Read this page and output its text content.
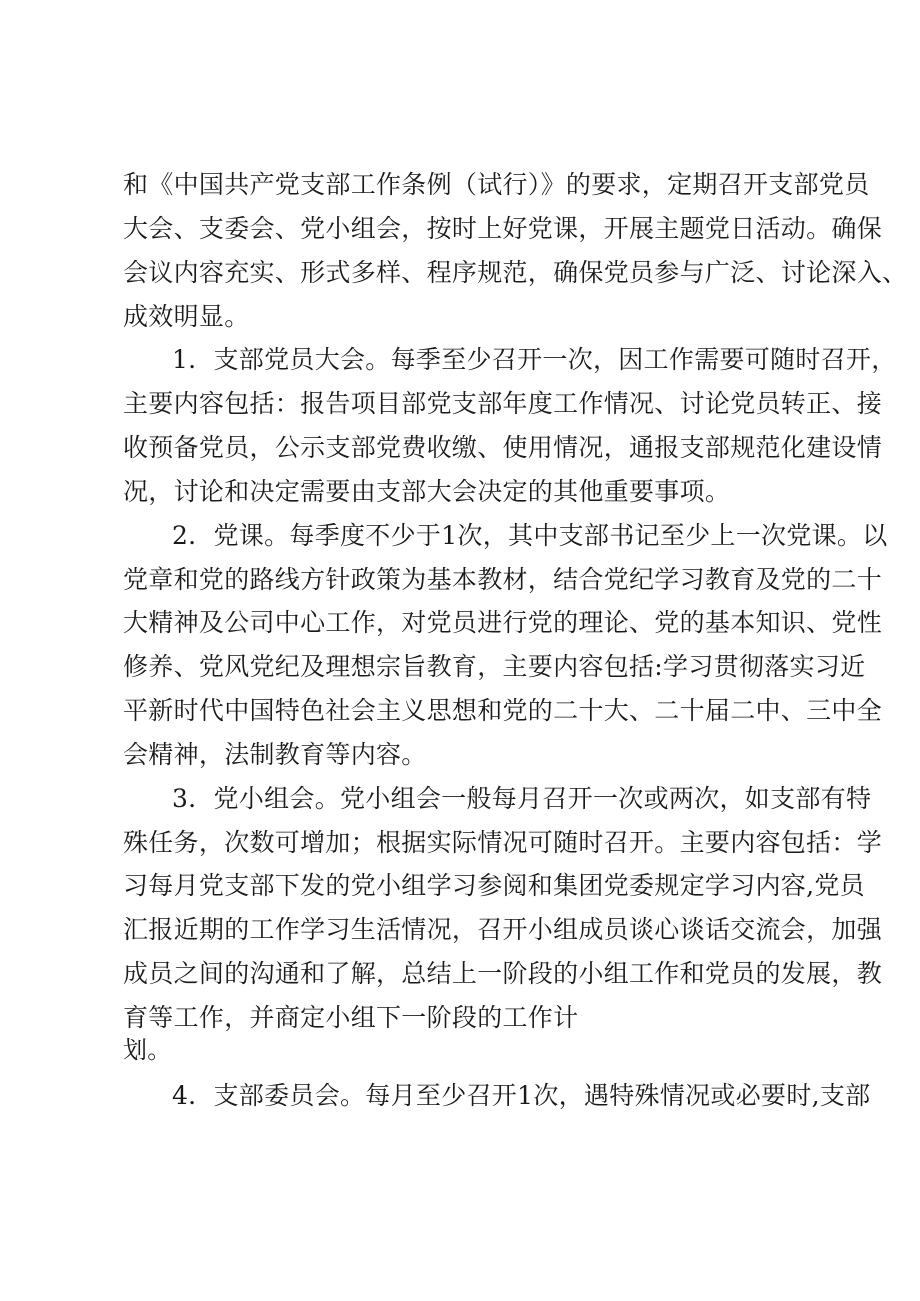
和《中国共产党支部工作条例（试行）》的要求，定期召开支部党员
大会、支委会、党小组会，按时上好党课，开展主题党日活动。确保
会议内容充实、形式多样、程序规范，确保党员参与广泛、讨论深入、
成效明显。
1．支部党员大会。每季至少召开一次，因工作需要可随时召开，
主要内容包括：报告项目部党支部年度工作情况、讨论党员转正、接
收预备党员，公示支部党费收缴、使用情况，通报支部规范化建设情
况，讨论和决定需要由支部大会决定的其他重要事项。
2．党课。每季度不少于1次，其中支部书记至少上一次党课。以
党章和党的路线方针政策为基本教材，结合党纪学习教育及党的二十
大精神及公司中心工作，对党员进行党的理论、党的基本知识、党性
修养、党风党纪及理想宗旨教育，主要内容包括:学习贯彻落实习近
平新时代中国特色社会主义思想和党的二十大、二十届二中、三中全
会精神，法制教育等内容。
3．党小组会。党小组会一般每月召开一次或两次，如支部有特
殊任务，次数可增加；根据实际情况可随时召开。主要内容包括：学
习每月党支部下发的党小组学习参阅和集团党委规定学习内容,党员
汇报近期的工作学习生活情况，召开小组成员谈心谈话交流会，加强
成员之间的沟通和了解，总结上一阶段的小组工作和党员的发展，教
育等工作，并商定小组下一阶段的工作计
划。
4．支部委员会。每月至少召开1次，遇特殊情况或必要时,支部
